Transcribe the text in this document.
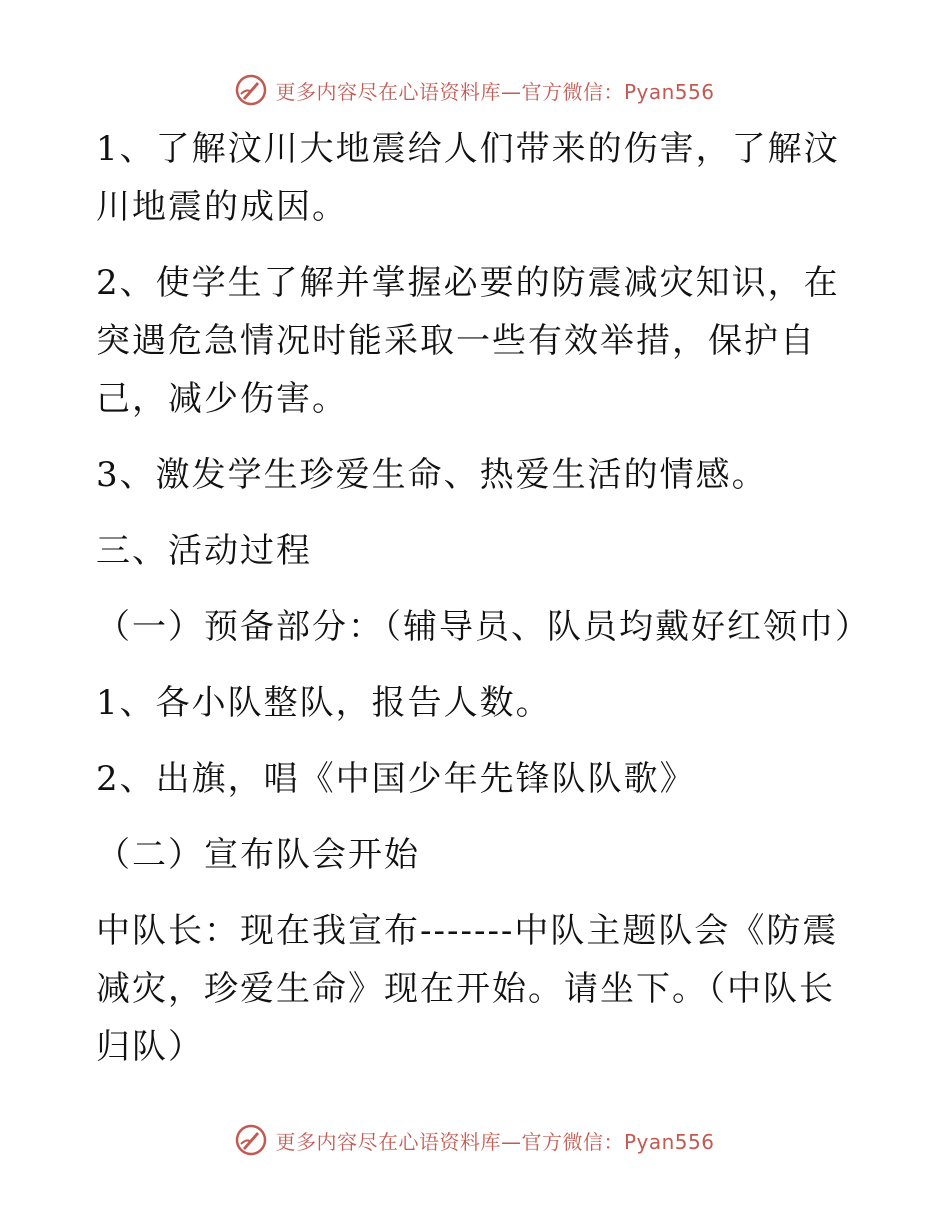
更多内容尽在心语资料库—官方微信：Pyan556

1、了解汶川大地震给人们带来的伤害，了解汶川地震的成因。

2、使学生了解并掌握必要的防震减灾知识，在突遇危急情况时能采取一些有效举措，保护自己，减少伤害。

3、激发学生珍爱生命、热爱生活的情感。

三、活动过程

（一）预备部分：（辅导员、队员均戴好红领巾）

1、各小队整队，报告人数。

2、出旗，唱《中国少年先锋队队歌》

（二）宣布队会开始

中队长：现在我宣布-------中队主题队会《防震减灾，珍爱生命》现在开始。请坐下。（中队长归队）

更多内容尽在心语资料库—官方微信：Pyan556
